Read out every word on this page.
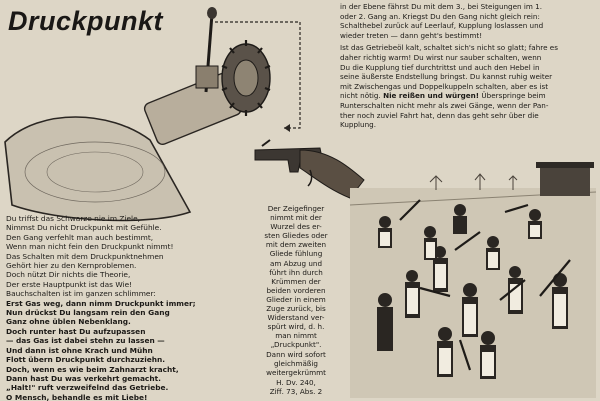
Druckpunkt	in der Ebene fährst Du mit dem 3., bei Steigungen im 1.
oder 2. Gang an. Kriegst Du den Gang nicht gleich rein:
Schalthebel zurück auf Leerlauf, Kupplung loslassen und
wieder treten — dann geht's bestimmt!
Ist das Getriebeöl kalt, schaltet sich's nicht so glatt; fahre es
daher richtig warm! Du wirst nur sauber schalten, wenn
Du die Kupplung tief durchtrittst und auch den Hebel in
seine äußerste Endstellung bringst. Du kannst ruhig weiter
mit Zwischengas und Doppelkuppeln schalten, aber es ist
nicht nötig. Nie reißen und würgen! Überspringe beim
Runterschalten nicht mehr als zwei Gänge, wenn der Pan-
ther noch zuviel Fahrt hat, denn das geht sehr über die
Kupplung.
Du triffst das Schwarze nie im Ziele,
Nimmst Du nicht Druckpunkt mit Gefühle.
Den Gang verfehlt man auch bestimmt,
Wenn man nicht fein den Druckpunkt nimmt!
Das Schalten mit dem Druckpunktnehmen
Gehört hier zu den Kernproblemen.
Doch nützt Dir nichts die Theorie,
Der erste Hauptpunkt ist das Wie!
Bauchschalten ist im ganzen schlimmer:
Erst Gas weg, dann nimm Druckpunkt immer;
Nun drückst Du langsam rein den Gang
Ganz ohne üblen Nebenklang.
Doch runter hast Du aufzupassen
— das Gas ist dabei stehn zu lassen —
Und dann ist ohne Krach und Mühn
Flott übern Druckpunkt durchzuziehn.
Doch, wenn es wie beim Zahnarzt kracht,
Dann hast Du was verkehrt gemacht.
„Halt!" ruft verzweifelnd das Getriebe.
O Mensch, behandle es mit Liebe!
Der Zeigefinger
nimmt mit der
Wurzel des er-
sten Gliedes oder
mit dem zweiten
Gliede fühlung
am Abzug und
führt ihn durch
Krümmen der
beiden vorderen
Glieder in einem
Zuge zurück, bis
Widerstand ver-
spürt wird, d. h.
man nimmt
„Druckpunkt".
Dann wird sofort
gleichmäßig
weitergekrümmt
H. Dv. 240,
Ziff. 73, Abs. 2
